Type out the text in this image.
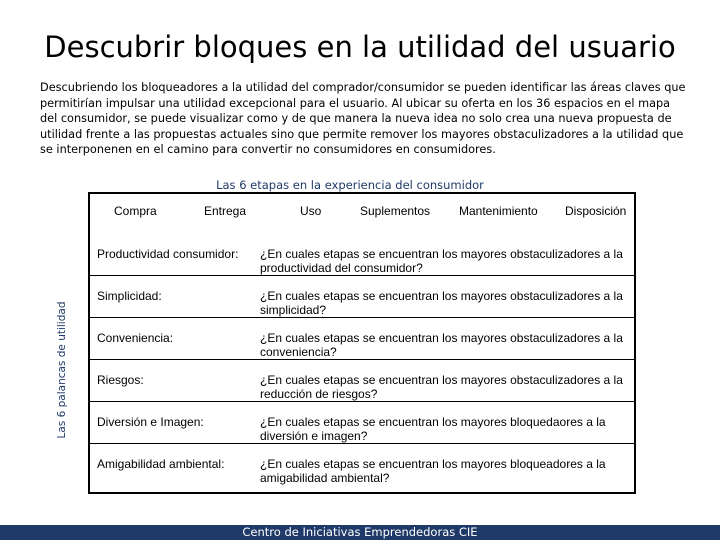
Descubrir bloques en la utilidad del usuario
Descubriendo los bloqueadores a la utilidad del comprador/consumidor se pueden identificar las áreas claves que permitirían impulsar una utilidad excepcional para el usuario. Al ubicar su oferta en los 36 espacios en el mapa del consumidor, se puede visualizar como y de que manera la nueva idea no solo crea una nueva propuesta de utilidad frente a las propuestas actuales sino que permite remover los mayores obstaculizadores a la utilidad que se interponenen en el camino para convertir no consumidores en consumidores.
Las 6 etapas en la experiencia del consumidor
Las 6 palancas de utilidad
Compra	Entrega	Uso	Suplementos Mantenimiento Disposición
Productividad consumidor: ¿En cuales etapas se encuentran los mayores obstaculizadores a la productividad del consumidor?
Simplicidad:	¿En cuales etapas se encuentran los mayores obstaculizadores a la simplicidad?
Conveniencia:	¿En cuales etapas se encuentran los mayores obstaculizadores a la conveniencia?
Riesgos:	¿En cuales etapas se encuentran los mayores obstaculizadores a la reducción de riesgos?
Diversión e Imagen:	¿En cuales etapas se encuentran los mayores bloquedaores a la diversión e imagen?
Amigabilidad ambiental:	¿En cuales etapas se encuentran los mayores bloqueadores a la amigabilidad ambiental?
Centro de Iniciativas Emprendedoras CIE
